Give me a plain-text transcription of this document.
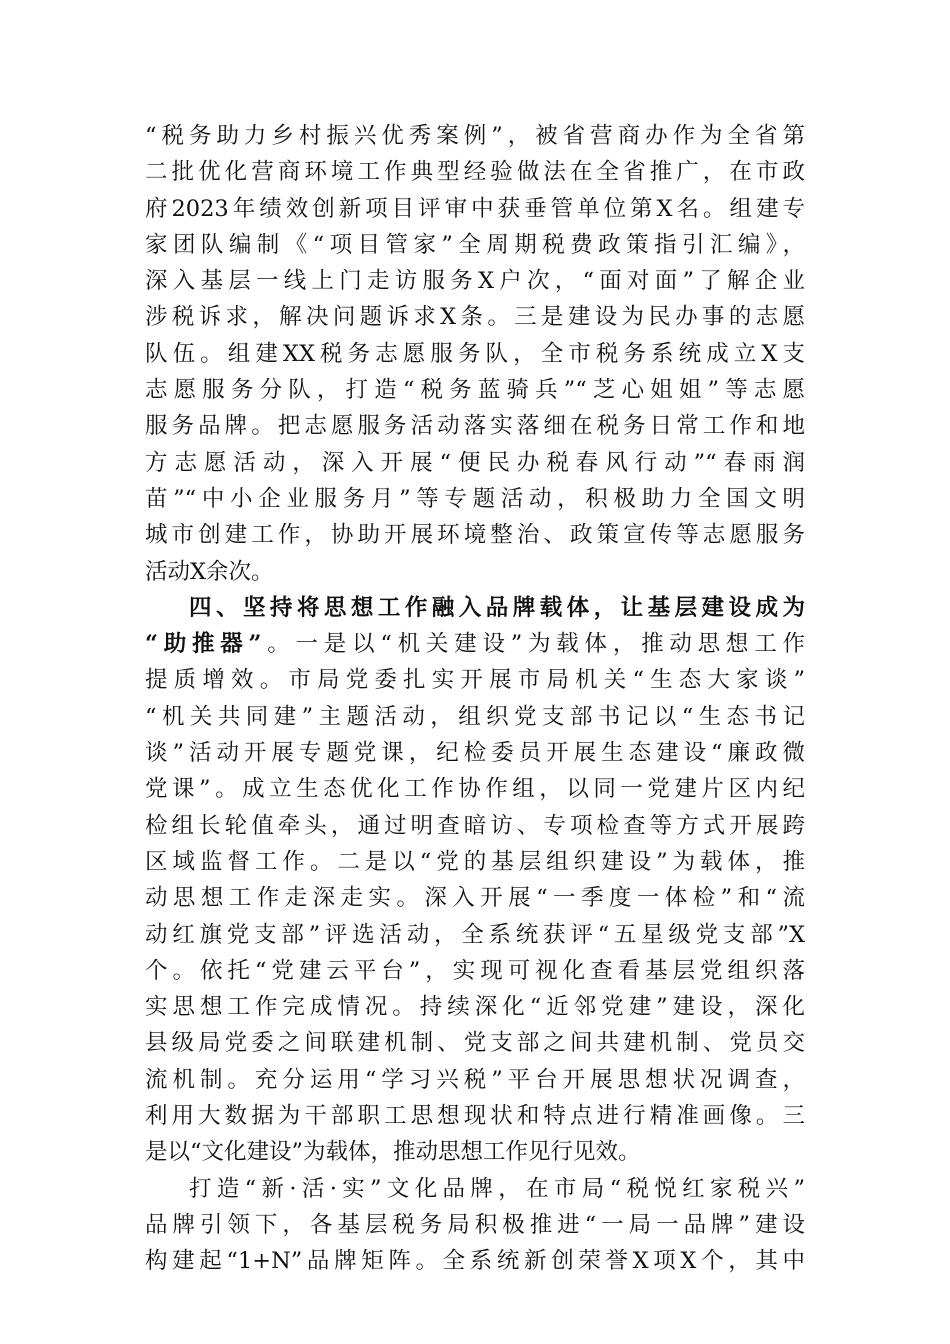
“税务助力乡村振兴优秀案例”，被省营商办作为全省第
二批优化营商环境工作典型经验做法在全省推广，在市政
府2023年绩效创新项目评审中获垂管单位第X名。组建专
家团队编制《“项目管家”全周期税费政策指引汇编》，
深入基层一线上门走访服务X户次，“面对面”了解企业
涉税诉求，解决问题诉求X条。三是建设为民办事的志愿
队伍。组建XX税务志愿服务队，全市税务系统成立X支
志愿服务分队，打造“税务蓝骑兵”“芝心姐姐”等志愿
服务品牌。把志愿服务活动落实落细在税务日常工作和地
方志愿活动，深入开展“便民办税春风行动”“春雨润
苗”“中小企业服务月”等专题活动，积极助力全国文明
城市创建工作，协助开展环境整治、政策宣传等志愿服务
活动X余次。
四、坚持将思想工作融入品牌载体，让基层建设成为
“助推器”。一是以“机关建设”为载体，推动思想工作
提质增效。市局党委扎实开展市局机关“生态大家谈”
“机关共同建”主题活动，组织党支部书记以“生态书记
谈”活动开展专题党课，纪检委员开展生态建设“廉政微
党课”。成立生态优化工作协作组，以同一党建片区内纪
检组长轮值牵头，通过明查暗访、专项检查等方式开展跨
区域监督工作。二是以“党的基层组织建设”为载体，推
动思想工作走深走实。深入开展“一季度一体检”和“流
动红旗党支部”评选活动，全系统获评“五星级党支部”X
个。依托“党建云平台”，实现可视化查看基层党组织落
实思想工作完成情况。持续深化“近邻党建”建设，深化
县级局党委之间联建机制、党支部之间共建机制、党员交
流机制。充分运用“学习兴税”平台开展思想状况调查，
利用大数据为干部职工思想现状和特点进行精准画像。三
是以“文化建设”为载体，推动思想工作见行见效。
打造“新·活·实”文化品牌，在市局“税悦红家税兴”
品牌引领下，各基层税务局积极推进“一局一品牌”建设
构建起“1+N”品牌矩阵。全系统新创荣誉X项X个，其中
